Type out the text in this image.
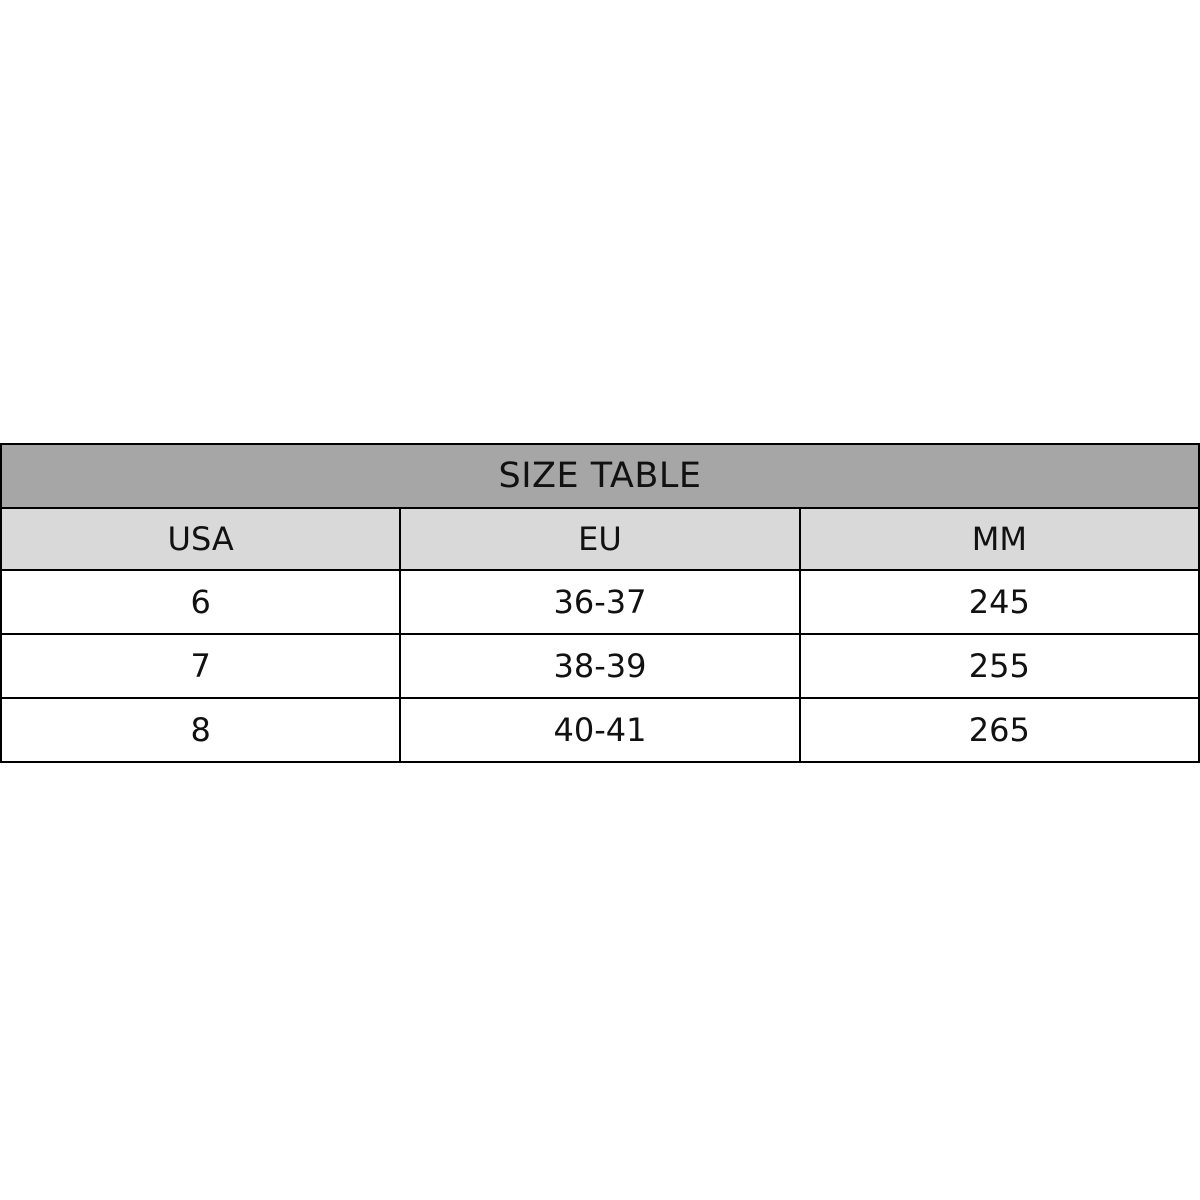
SIZE TABLE		
USA	EU	MM
6	36-37	245
7	38-39	255
8	40-41	265
